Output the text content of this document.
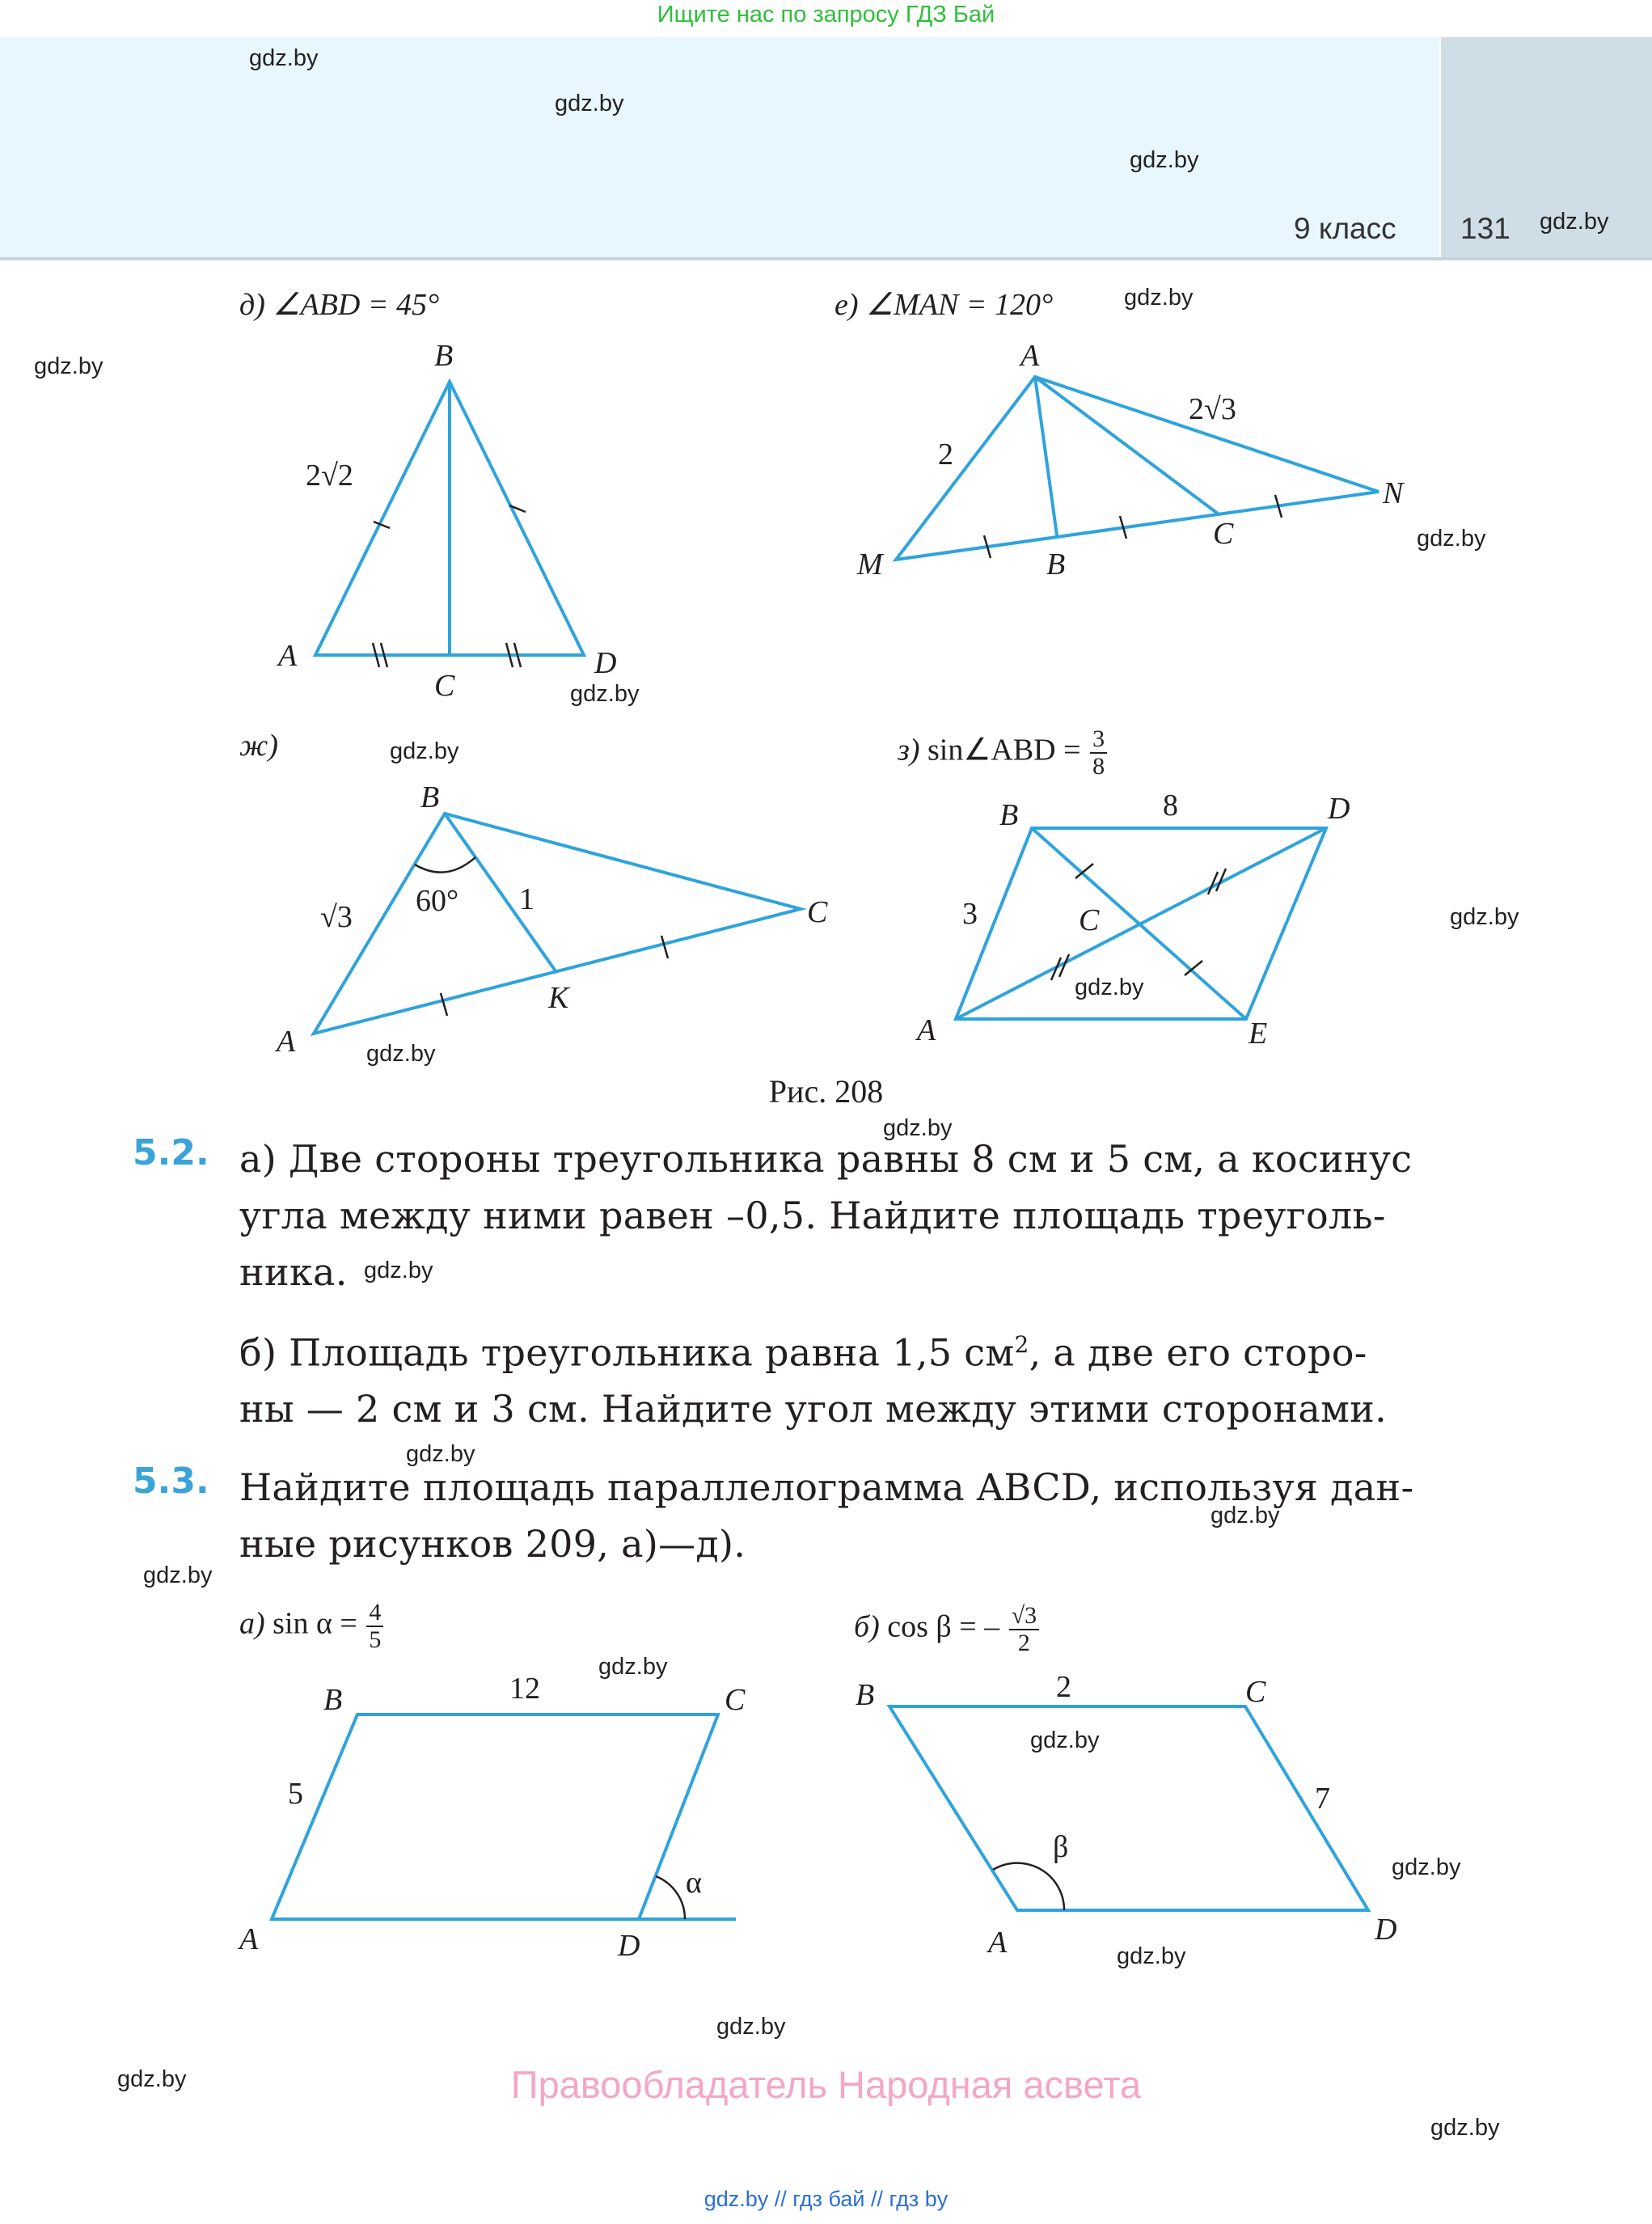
Ищите нас по запросу ГДЗ Бай
9 класс 131
gdz.by
gdz.by
gdz.by
gdz.by
gdz.by
gdz.by
gdz.by
gdz.by
gdz.by
gdz.by
gdz.by
gdz.by
gdz.by
gdz.by
gdz.by
gdz.by
gdz.by
gdz.by
gdz.by
gdz.by
gdz.by
gdz.by
gdz.by
gdz.by
д) ∠ABD = 45°	е) ∠MAN = 120°
ж)	з) sin∠ABD = $\frac{3}{8}$
B
A
C
D
2√2
A
M	B
C
N
2
2√3
B
A
C
K
√3 60° 1
B	D
A	E
C
8
3
B	C
A	D
12
5
α
B	C
A	D
2
7
β
Рис. 208
5.2. а) Две стороны треугольника равны 8 см и 5 см, а косинус
угла между ними равен –0,5. Найдите площадь треуголь-
ника.
б) Площадь треугольника равна 1,5 $см^2$, а две его сторо-
ны — 2 см и 3 см. Найдите угол между этими сторонами.
5.3. Найдите площадь параллелограмма ABCD, используя дан-
ные рисунков 209, а)—д).
а) $\sin \alpha = \frac{4}{5}$	б) cos β = – $\frac{√3}{2}$
Правообладатель Народная асвета
gdz.by // гдз бай // гдз by
